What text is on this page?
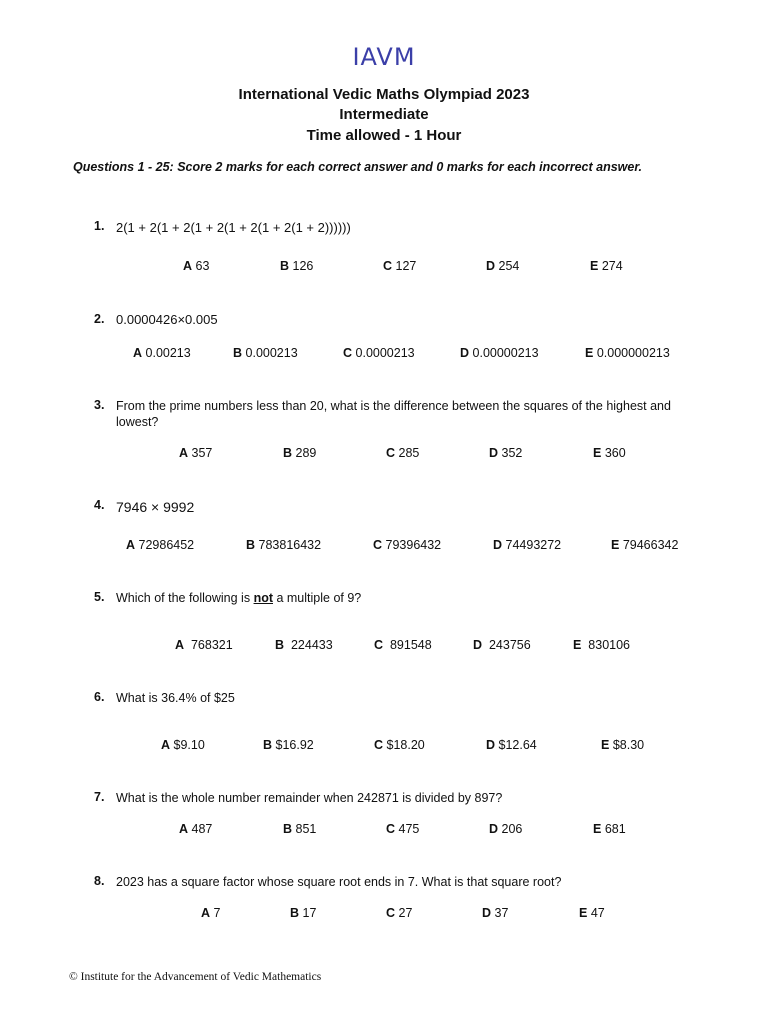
IAVM
International Vedic Maths Olympiad 2023
Intermediate
Time allowed - 1 Hour
Questions 1 - 25: Score 2 marks for each correct answer and 0 marks for each incorrect answer.
1. 2(1 + 2(1 + 2(1 + 2(1 + 2(1 + 2(1 + 2))))))
A 63	B 126	C 127	D 254	E 274
2. 0.0000426×0.005
A 0.00213	B 0.000213	C 0.0000213	D 0.00000213	E 0.000000213
3. From the prime numbers less than 20, what is the difference between the squares of the highest and lowest?
A 357	B 289	C 285	D 352	E 360
4. 7946 × 9992
A 72986452	B 783816432	C 79396432	D 74493272	E 79466342
5. Which of the following is not a multiple of 9?
A 768321	B 224433	C 891548	D 243756	E 830106
6. What is 36.4% of $25
A $9.10	B $16.92	C $18.20	D $12.64	E $8.30
7. What is the whole number remainder when 242871 is divided by 897?
A 487	B 851	C 475	D 206	E 681
8. 2023 has a square factor whose square root ends in 7. What is that square root?
A 7	B 17	C 27	D 37	E 47
© Institute for the Advancement of Vedic Mathematics
